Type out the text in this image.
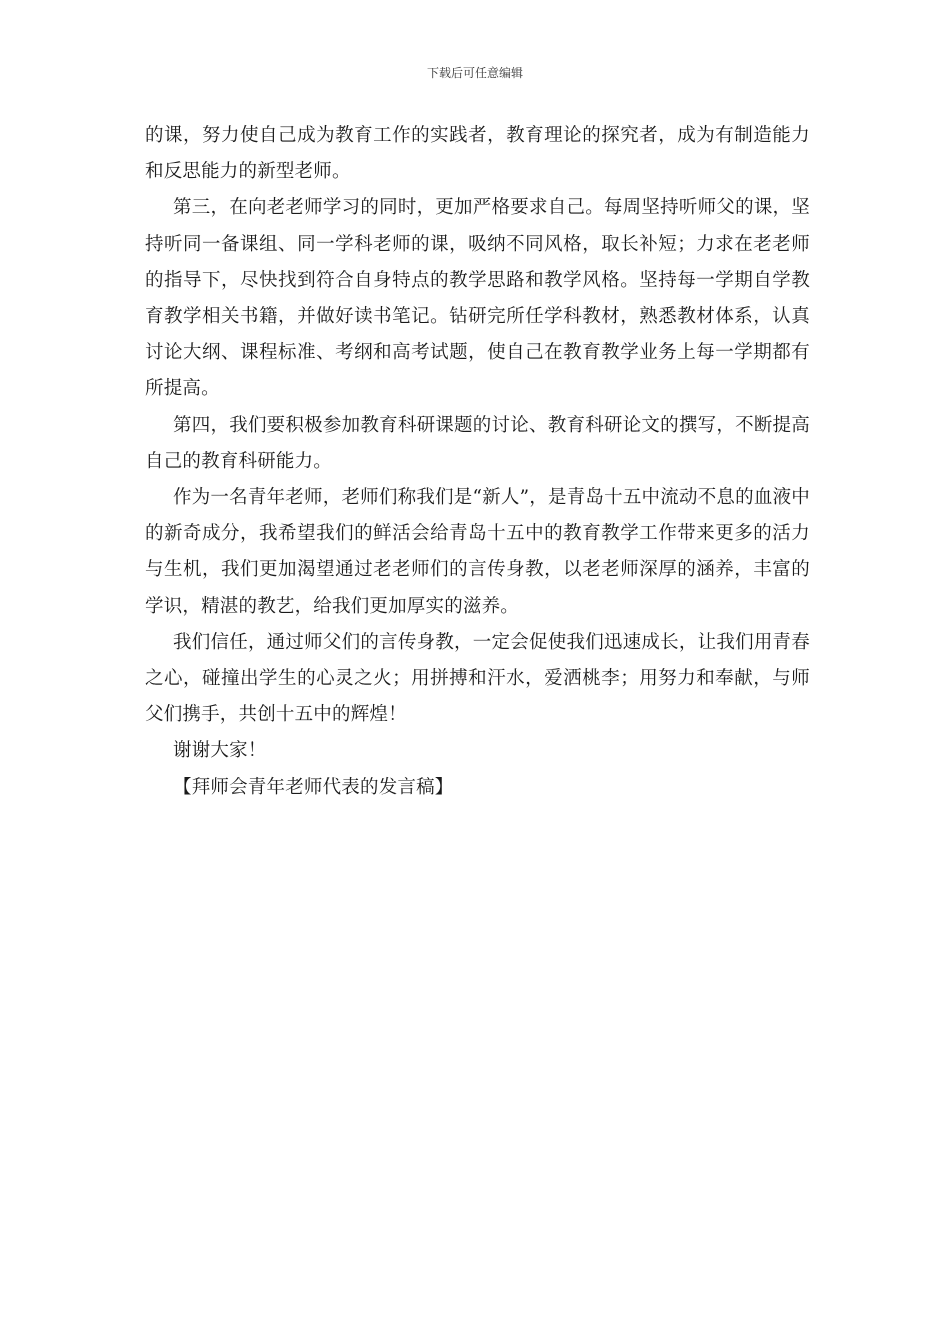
下载后可任意编辑

的课，努力使自己成为教育工作的实践者，教育理论的探究者，成为有制造能力和反思能力的新型老师。

第三，在向老老师学习的同时，更加严格要求自己。每周坚持听师父的课，坚持听同一备课组、同一学科老师的课，吸纳不同风格，取长补短；力求在老老师的指导下，尽快找到符合自身特点的教学思路和教学风格。坚持每一学期自学教育教学相关书籍，并做好读书笔记。钻研完所任学科教材，熟悉教材体系，认真讨论大纲、课程标准、考纲和高考试题，使自己在教育教学业务上每一学期都有所提高。

第四，我们要积极参加教育科研课题的讨论、教育科研论文的撰写，不断提高自己的教育科研能力。

作为一名青年老师，老师们称我们是“新人”，是青岛十五中流动不息的血液中的新奇成分，我希望我们的鲜活会给青岛十五中的教育教学工作带来更多的活力与生机，我们更加渴望通过老老师们的言传身教，以老老师深厚的涵养，丰富的学识，精湛的教艺，给我们更加厚实的滋养。

我们信任，通过师父们的言传身教，一定会促使我们迅速成长，让我们用青春之心，碰撞出学生的心灵之火；用拼搏和汗水，爱洒桃李；用努力和奉献，与师父们携手，共创十五中的辉煌！

谢谢大家！

【拜师会青年老师代表的发言稿】
